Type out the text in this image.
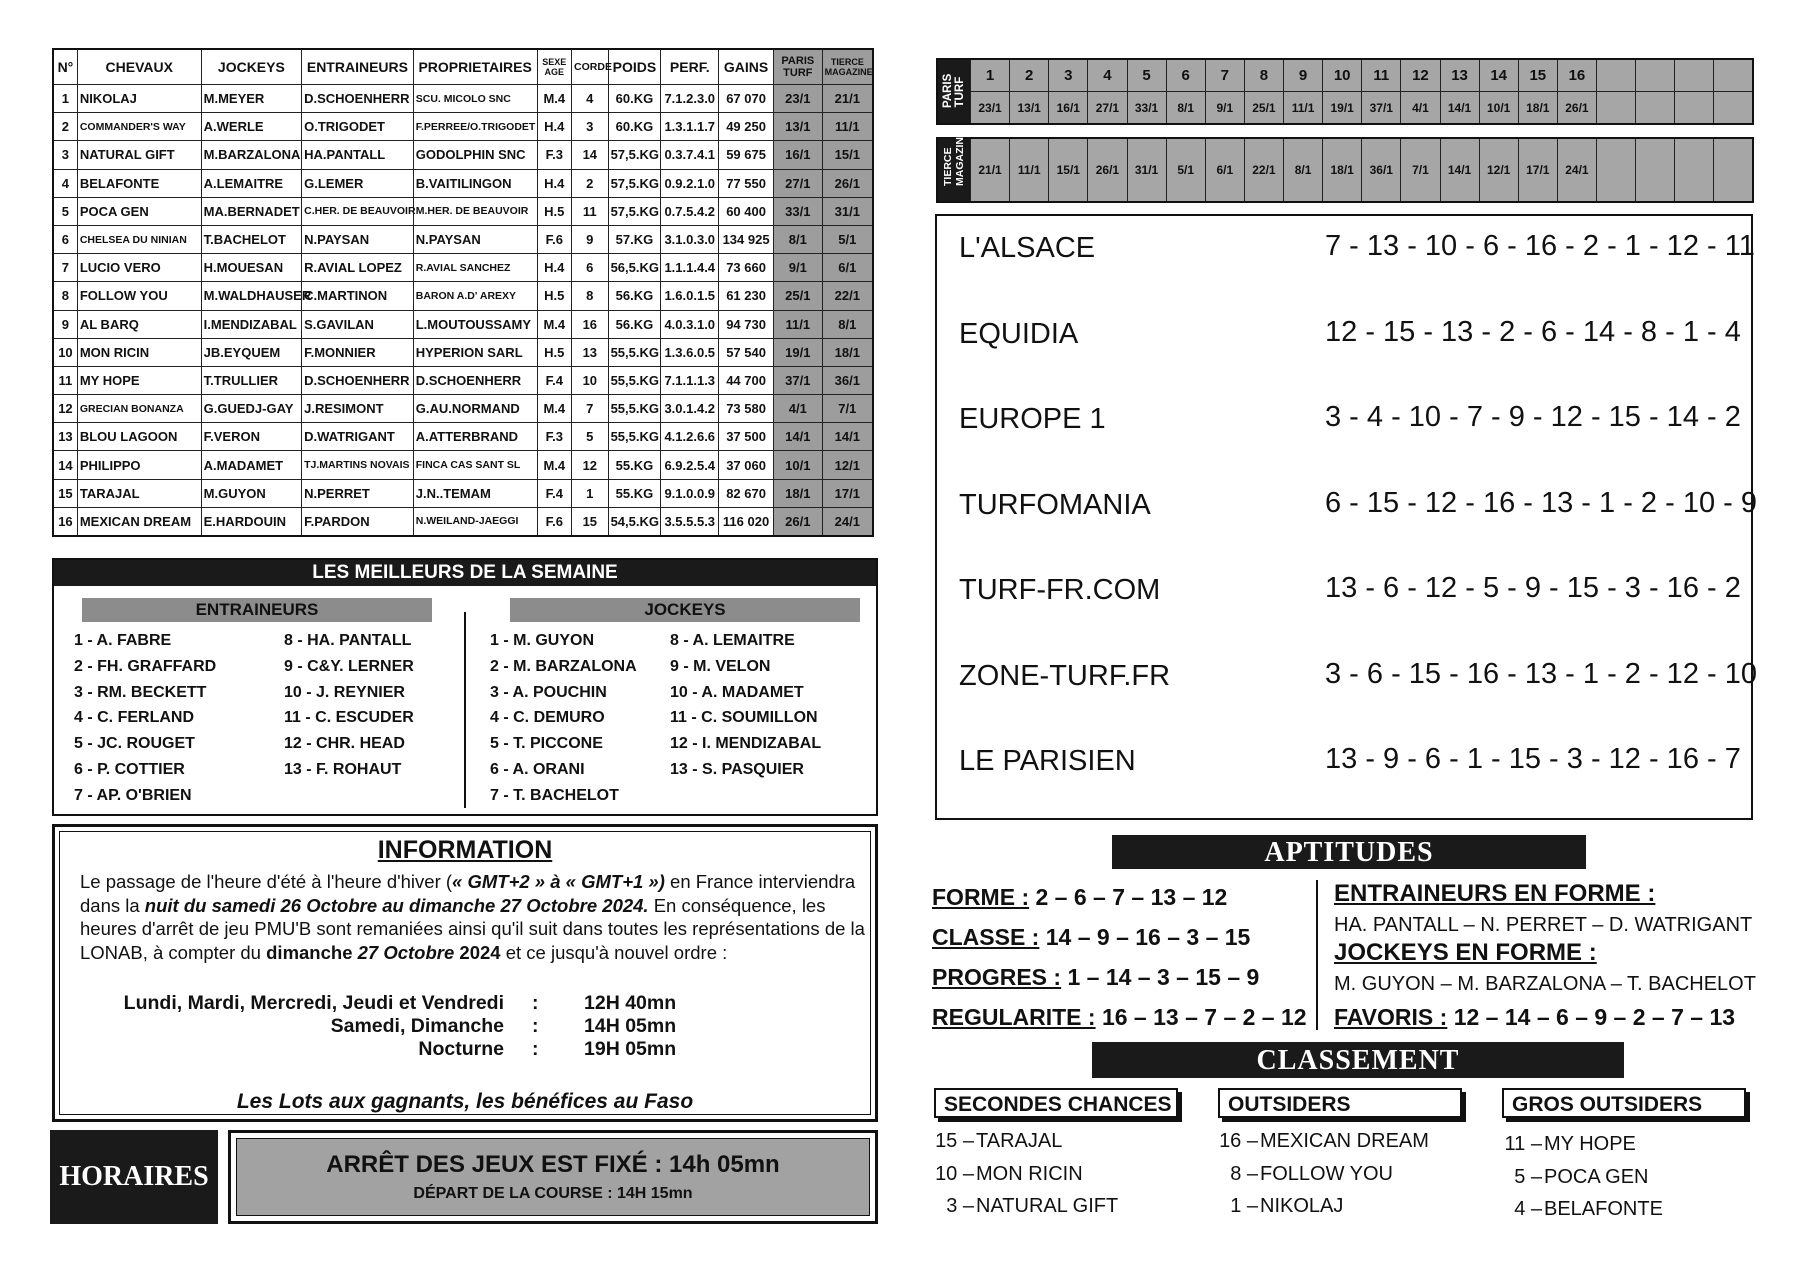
N°	CHEVAUX	JOCKEYS	ENTRAINEURS	PROPRIETAIRES	SEXE AGE	CORDE	POIDS	PERF.	GAINS	PARIS TURF	TIERCE MAGAZINE
1	NIKOLAJ	M.MEYER	D.SCHOENHERR	SCU. MICOLO SNC	M.4	4	60.KG	7.1.2.3.0	67 070	23/1	21/1
2	COMMANDER'S WAY	A.WERLE	O.TRIGODET	F.PERREE/O.TRIGODET	H.4	3	60.KG	1.3.1.1.7	49 250	13/1	11/1
3	NATURAL GIFT	M.BARZALONA	HA.PANTALL	GODOLPHIN SNC	F.3	14	57,5.KG	0.3.7.4.1	59 675	16/1	15/1
4	BELAFONTE	A.LEMAITRE	G.LEMER	B.VAITILINGON	H.4	2	57,5.KG	0.9.2.1.0	77 550	27/1	26/1
5	POCA GEN	MA.BERNADET	C.HER. DE BEAUVOIR	M.HER. DE BEAUVOIR	H.5	11	57,5.KG	0.7.5.4.2	60 400	33/1	31/1
6	CHELSEA DU NINIAN	T.BACHELOT	N.PAYSAN	N.PAYSAN	F.6	9	57.KG	3.1.0.3.0	134 925	8/1	5/1
7	LUCIO VERO	H.MOUESAN	R.AVIAL LOPEZ	R.AVIAL SANCHEZ	H.4	6	56,5.KG	1.1.1.4.4	73 660	9/1	6/1
8	FOLLOW YOU	M.WALDHAUSER	C.MARTINON	BARON A.D' AREXY	H.5	8	56.KG	1.6.0.1.5	61 230	25/1	22/1
9	AL BARQ	I.MENDIZABAL	S.GAVILAN	L.MOUTOUSSAMY	M.4	16	56.KG	4.0.3.1.0	94 730	11/1	8/1
10	MON RICIN	JB.EYQUEM	F.MONNIER	HYPERION SARL	H.5	13	55,5.KG	1.3.6.0.5	57 540	19/1	18/1
11	MY HOPE	T.TRULLIER	D.SCHOENHERR	D.SCHOENHERR	F.4	10	55,5.KG	7.1.1.1.3	44 700	37/1	36/1
12	GRECIAN BONANZA	G.GUEDJ-GAY	J.RESIMONT	G.AU.NORMAND	M.4	7	55,5.KG	3.0.1.4.2	73 580	4/1	7/1
13	BLOU LAGOON	F.VERON	D.WATRIGANT	A.ATTERBRAND	F.3	5	55,5.KG	4.1.2.6.6	37 500	14/1	14/1
14	PHILIPPO	A.MADAMET	TJ.MARTINS NOVAIS	FINCA CAS SANT SL	M.4	12	55.KG	6.9.2.5.4	37 060	10/1	12/1
15	TARAJAL	M.GUYON	N.PERRET	J.N..TEMAM	F.4	1	55.KG	9.1.0.0.9	82 670	18/1	17/1
16	MEXICAN DREAM	E.HARDOUIN	F.PARDON	N.WEILAND-JAEGGI	F.6	15	54,5.KG	3.5.5.5.3	116 020	26/1	24/1
LES MEILLEURS DE LA SEMAINE
ENTRAINEURS	JOCKEYS
1 - A. FABRE
2 - FH. GRAFFARD
3 - RM. BECKETT
4 - C. FERLAND
5 - JC. ROUGET
6 - P. COTTIER
7 - AP. O'BRIEN
8 - HA. PANTALL
9 - C&Y. LERNER
10 - J. REYNIER
11 - C. ESCUDER
12 - CHR. HEAD
13 - F. ROHAUT
1 - M. GUYON
2 - M. BARZALONA
3 - A. POUCHIN
4 - C. DEMURO
5 - T. PICCONE
6 - A. ORANI
7 - T. BACHELOT
8 - A. LEMAITRE
9 - M. VELON
10 - A. MADAMET
11 - C. SOUMILLON
12 - I. MENDIZABAL
13 - S. PASQUIER
INFORMATION
Le passage de l'heure d'été à l'heure d'hiver (« GMT+2 » à « GMT+1 ») en France interviendra dans la nuit du samedi 26 Octobre au dimanche 27 Octobre 2024. En conséquence, les heures d'arrêt de jeu PMU'B sont remaniées ainsi qu'il suit dans toutes les représentations de la LONAB, à compter du dimanche 27 Octobre 2024 et ce jusqu'à nouvel ordre :
Lundi, Mardi, Mercredi, Jeudi et Vendredi : 12H 40mn
Samedi, Dimanche : 14H 05mn
Nocturne : 19H 05mn
Les Lots aux gagnants, les bénéfices au Faso
HORAIRES	ARRÊT DES JEUX EST FIXÉ : 14h 05mn
DÉPART DE LA COURSE : 14H 15mn
PARIS
TURF	1	2	3	4	5	6	7	8	9	10	11	12	13	14	15	16				
	23/1	13/1	16/1	27/1	33/1	8/1	9/1	25/1	11/1	19/1	37/1	4/1	14/1	10/1	18/1	26/1				
TIERCE
MAGAZINE	21/1	11/1	15/1	26/1	31/1	5/1	6/1	22/1	8/1	18/1	36/1	7/1	14/1	12/1	17/1	24/1				
L'ALSACE	7 - 13 - 10 - 6 - 16 - 2 - 1 - 12 - 11
EQUIDIA	12 - 15 - 13 - 2 - 6 - 14 - 8 - 1 - 4
EUROPE 1	3 - 4 - 10 - 7 - 9 - 12 - 15 - 14 - 2
TURFOMANIA	6 - 15 - 12 - 16 - 13 - 1 - 2 - 10 - 9
TURF-FR.COM	13 - 6 - 12 - 5 - 9 - 15 - 3 - 16 - 2
ZONE-TURF.FR	3 - 6 - 15 - 16 - 13 - 1 - 2 - 12 - 10
LE PARISIEN	13 - 9 - 6 - 1 - 15 - 3 - 12 - 16 - 7
APTITUDES
FORME : 2 – 6 – 7 – 13 – 12
CLASSE : 14 – 9 – 16 – 3 – 15
PROGRES : 1 – 14 – 3 – 15 – 9
REGULARITE : 16 – 13 – 7 – 2 – 12
ENTRAINEURS EN FORME :
HA. PANTALL – N. PERRET – D. WATRIGANT
JOCKEYS EN FORME :
M. GUYON – M. BARZALONA – T. BACHELOT
FAVORIS : 12 – 14 – 6 – 9 – 2 – 7 – 13
CLASSEMENT
SECONDES CHANCES
15 – TARAJAL
10 – MON RICIN
3 – NATURAL GIFT
OUTSIDERS
16 – MEXICAN DREAM
8 – FOLLOW YOU
1 – NIKOLAJ
GROS OUTSIDERS
11 – MY HOPE
5 – POCA GEN
4 – BELAFONTE
